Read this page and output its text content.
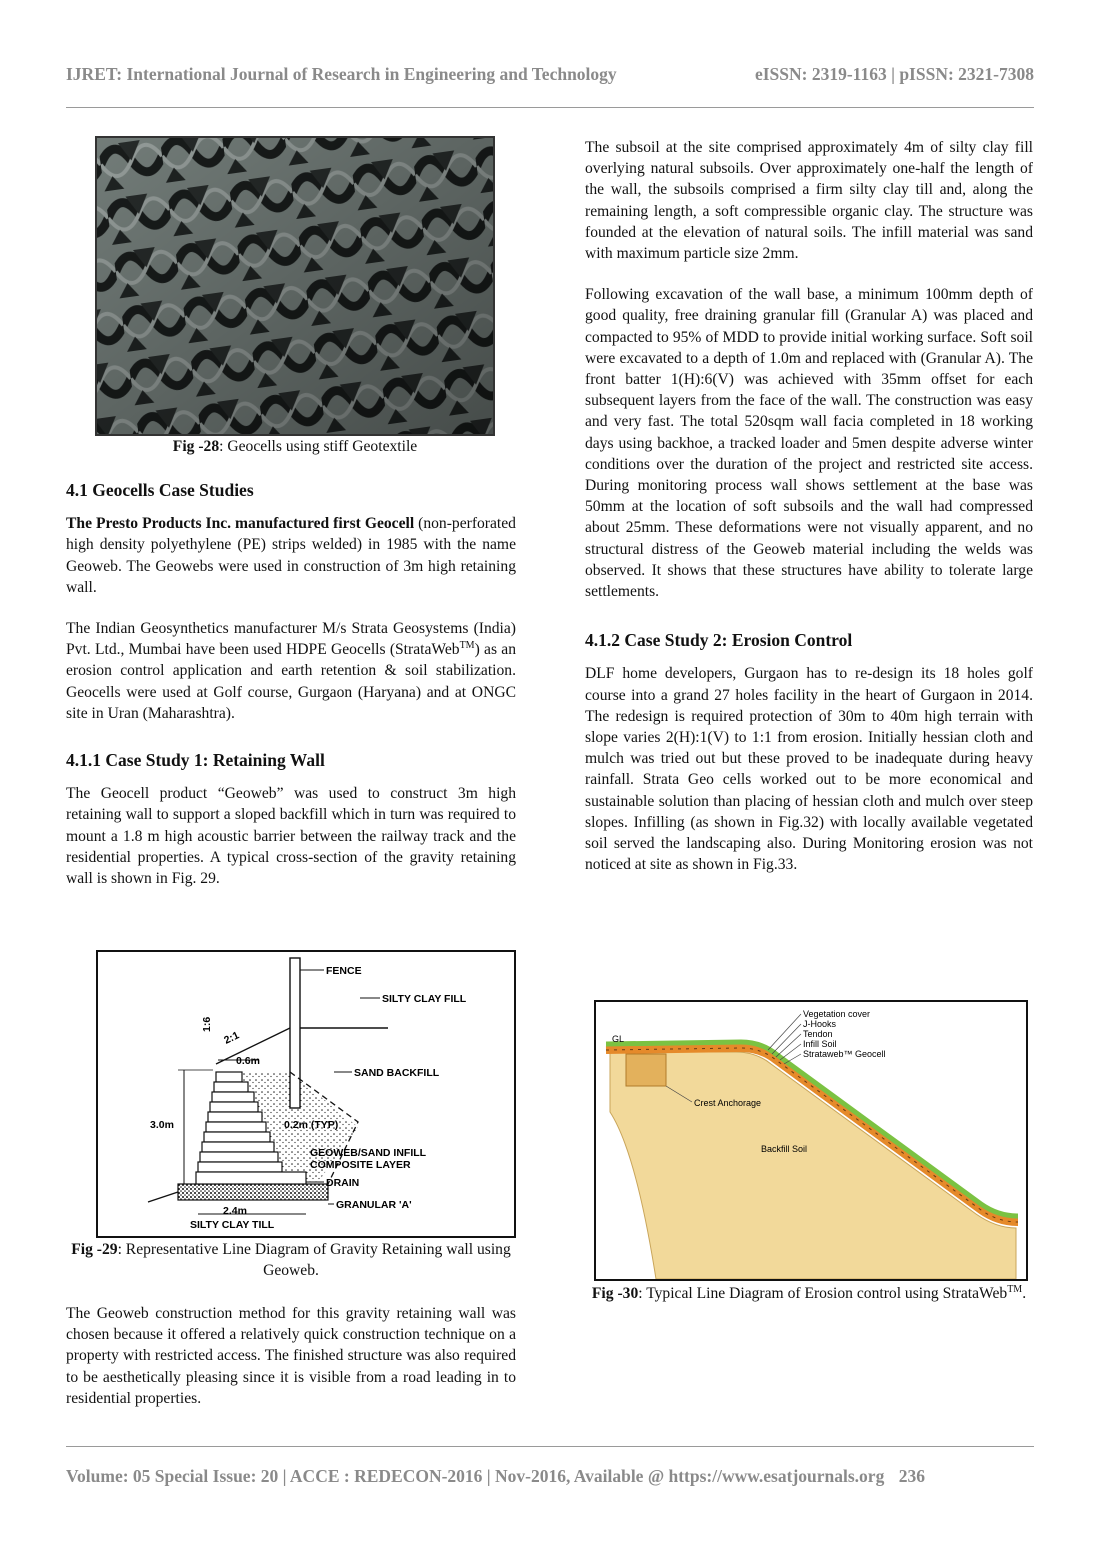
IJRET: International Journal of Research in Engineering and Technology	eISSN: 2319-1163 | pISSN: 2321-7308
Fig -28: Geocells using stiff Geotextile
4.1 Geocells Case Studies

The Presto Products Inc. manufactured first Geocell (non-perforated high density polyethylene (PE) strips welded) in 1985 with the name Geoweb. The Geowebs were used in construction of 3m high retaining wall.

The Indian Geosynthetics manufacturer M/s Strata Geosystems (India) Pvt. Ltd., Mumbai have been used HDPE Geocells (StrataWeb™) as an erosion control application and earth retention & soil stabilization. Geocells were used at Golf course, Gurgaon (Haryana) and at ONGC site in Uran (Maharashtra).

4.1.1 Case Study 1: Retaining Wall

The Geocell product “Geoweb” was used to construct 3m high retaining wall to support a sloped backfill which in turn was required to mount a 1.8 m high acoustic barrier between the railway track and the residential properties. A typical cross-section of the gravity retaining wall is shown in Fig. 29.

3.0m
2.4m
0.6m
2:1
1:6
FENCE
SILTY CLAY FILL
SAND BACKFILL
0.2m (TYP)
GEOWEB/SAND INFILL
COMPOSITE LAYER
DRAIN
GRANULAR 'A'
SILTY CLAY TILL
Fig -29: Representative Line Diagram of Gravity Retaining wall using Geoweb.

The Geoweb construction method for this gravity retaining wall was chosen because it offered a relatively quick construction technique on a property with restricted access. The finished structure was also required to be aesthetically pleasing since it is visible from a road leading in to residential properties.

The subsoil at the site comprised approximately 4m of silty clay fill overlying natural subsoils. Over approximately one-half the length of the wall, the subsoils comprised a firm silty clay till and, along the remaining length, a soft compressible organic clay. The structure was founded at the elevation of natural soils. The infill material was sand with maximum particle size 2mm.

Following excavation of the wall base, a minimum 100mm depth of good quality, free draining granular fill (Granular A) was placed and compacted to 95% of MDD to provide initial working surface. Soft soil were excavated to a depth of 1.0m and replaced with (Granular A). The front batter 1(H):6(V) was achieved with 35mm offset for each subsequent layers from the face of the wall. The construction was easy and very fast. The total 520sqm wall facia completed in 18 working days using backhoe, a tracked loader and 5men despite adverse winter conditions over the duration of the project and restricted site access. During monitoring process wall shows settlement at the base was 50mm at the location of soft subsoils and the wall had compressed about 25mm. These deformations were not visually apparent, and no structural distress of the Geoweb material including the welds was observed. It shows that these structures have ability to tolerate large settlements.

4.1.2 Case Study 2: Erosion Control

DLF home developers, Gurgaon has to re-design its 18 holes golf course into a grand 27 holes facility in the heart of Gurgaon in 2014. The redesign is required protection of 30m to 40m high terrain with slope varies 2(H):1(V) to 1:1 from erosion. Initially hessian cloth and mulch was tried out but these proved to be inadequate during heavy rainfall. Strata Geo cells worked out to be more economical and sustainable solution than placing of hessian cloth and mulch over steep slopes. Infilling (as shown in Fig.32) with locally available vegetated soil served the landscaping also. During Monitoring erosion was not noticed at site as shown in Fig.33.

Vegetation cover
J-Hooks
Tendon
Infill Soil
Strataweb™ Geocell
Crest Anchorage
Backfill Soil
GL
Fig -30: Typical Line Diagram of Erosion control using StrataWeb™.
Volume: 05 Special Issue: 20 | ACCE : REDECON-2016 | Nov-2016, Available @ https://www.esatjournals.org 236
